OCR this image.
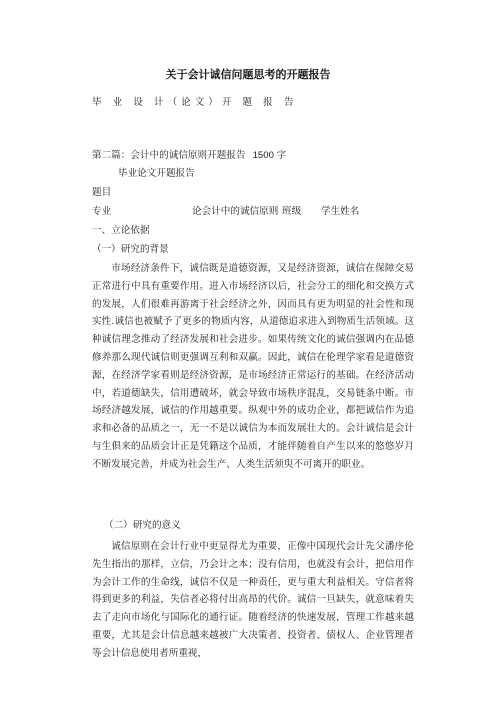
关于会计诚信问题思考的开题报告
毕 业 设 计（论文）开 题 报 告
第二篇：会计中的诚信原则开题报告 1500 字
毕业论文开题报告
题目
专业	论会计中的诚信原则 班级 学生姓名
一、立论依据
（一）研究的背景

市场经济条件下，诚信既是道德资源，又是经济资源，诚信在保障交易正常进行中具有重要作用。进入市场经济以后，社会分工的细化和交换方式的发展，人们很难再游离于社会经济之外，因而具有更为明显的社会性和现实性.诚信也被赋予了更多的物质内容，从道德追求进入到物质生活领域。这种诚信理念推动了经济发展和社会进步。如果传统文化的诚信强调内在品德修养那么现代诚信则更强调互利和双赢。因此，诚信在伦理学家看是道德资源，在经济学家看则是经济资源，是市场经济正常运行的基础。在经济活动中，若道德缺失，信用遭破坏，就会导致市场秩序混乱，交易链条中断。市场经济越发展，诚信的作用越重要。纵观中外的成功企业，都把诚信作为追求和必备的品质之一，无一不是以诚信为本而发展壮大的。会计诚信是会计与生俱来的品质会计正是凭籍这个品质，才能伴随着自产生以来的悠悠岁月不断发展完善，并成为社会生产、人类生活须臾不可离开的职业。

（二）研究的意义

诚信原则在会计行业中更显得尤为重要，正像中国现代会计先父潘序伦先生指出的那样，立信，乃会计之本；没有信用，也就没有会计，把信用作为会计工作的生命线，诚信不仅是一种责任，更与重大利益相关。守信者将得到更多的利益，失信者必将付出高昂的代价。诚信一旦缺失，就意味着失去了走向市场化与国际化的通行证。随着经济的快速发展，管理工作越来越重要，尤其是会计信息越来越被广大决策者、投资者、债权人、企业管理者等会计信息使用者所重视，
